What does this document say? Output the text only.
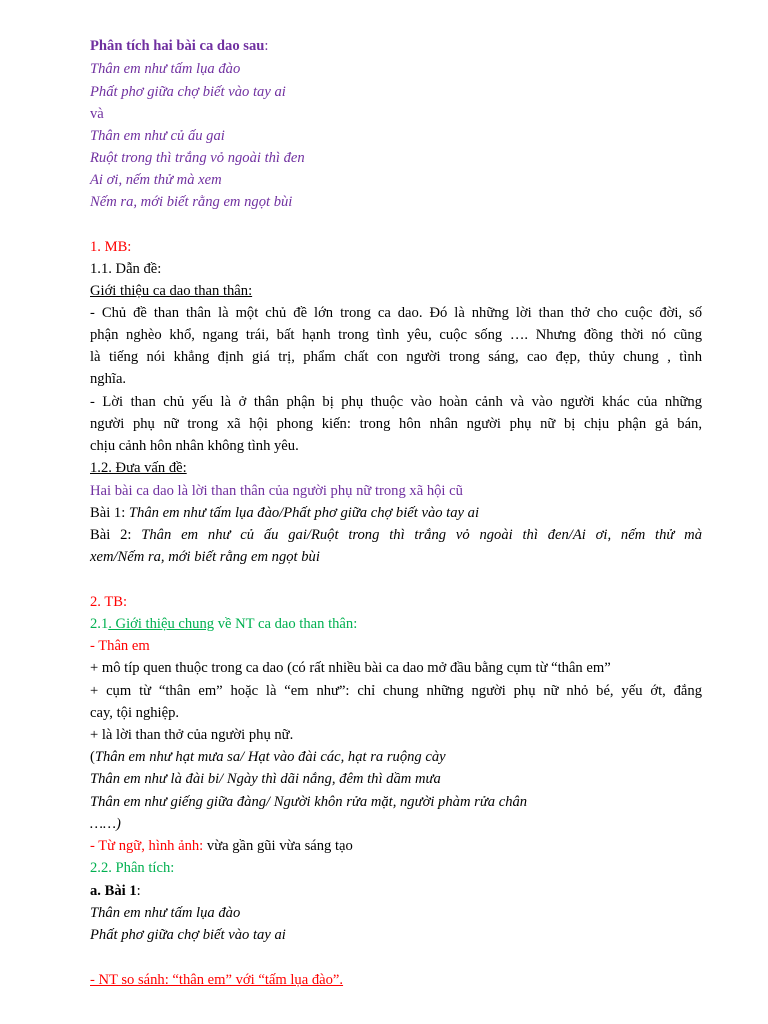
Phân tích hai bài ca dao sau:
Thân em như tấm lụa đào
Phất phơ giữa chợ biết vào tay ai
và
Thân em như củ ấu gai
Ruột trong thì trắng vỏ ngoài thì đen
Ai ơi, nếm thử mà xem
Nếm ra, mới biết rằng em ngọt bùi
1. MB:
1.1. Dẫn đề:
Giới thiệu ca dao than thân:
- Chủ đề than thân là một chủ đề lớn trong ca dao. Đó là những lời than thở cho cuộc đời, số
phận nghèo khổ, ngang trái, bất hạnh trong tình yêu, cuộc sống …. Nhưng đồng thời nó cũng
là tiếng nói khẳng định giá trị, phẩm chất con người trong sáng, cao đẹp, thủy chung , tình
nghĩa.
- Lời than chủ yếu là ở thân phận bị phụ thuộc vào hoàn cảnh và vào người khác của những
người phụ nữ trong xã hội phong kiến: trong hôn nhân người phụ nữ bị chịu phận gả bán,
chịu cảnh hôn nhân không tình yêu.
1.2. Đưa vấn đề:
Hai bài ca dao là lời than thân của người phụ nữ trong xã hội cũ
Bài 1: Thân em như tấm lụa đào/Phất phơ giữa chợ biết vào tay ai
Bài 2: Thân em như củ ấu gai/Ruột trong thì trắng vỏ ngoài thì đen/Ai ơi, nếm thử mà
xem/Nếm ra, mới biết rằng em ngọt bùi
2. TB:
2.1. Giới thiệu chung về NT ca dao than thân:
- Thân em
+ mô típ quen thuộc trong ca dao (có rất nhiều bài ca dao mở đầu bằng cụm từ “thân em”
+ cụm từ “thân em” hoặc là “em như”: chỉ chung những người phụ nữ nhỏ bé, yếu ớt, đắng
cay, tội nghiệp.
+ là lời than thở của người phụ nữ.
(Thân em như hạt mưa sa/ Hạt vào đài các, hạt ra ruộng cày
Thân em như là đài bi/ Ngày thì dãi nắng, đêm thì dầm mưa
Thân em như giếng giữa đàng/ Người khôn rửa mặt, người phàm rửa chân
……)
- Từ ngữ, hình ảnh: vừa gần gũi vừa sáng tạo
2.2. Phân tích:
a. Bài 1:
Thân em như tấm lụa đào
Phất phơ giữa chợ biết vào tay ai
- NT so sánh: “thân em” với “tấm lụa đào”.
